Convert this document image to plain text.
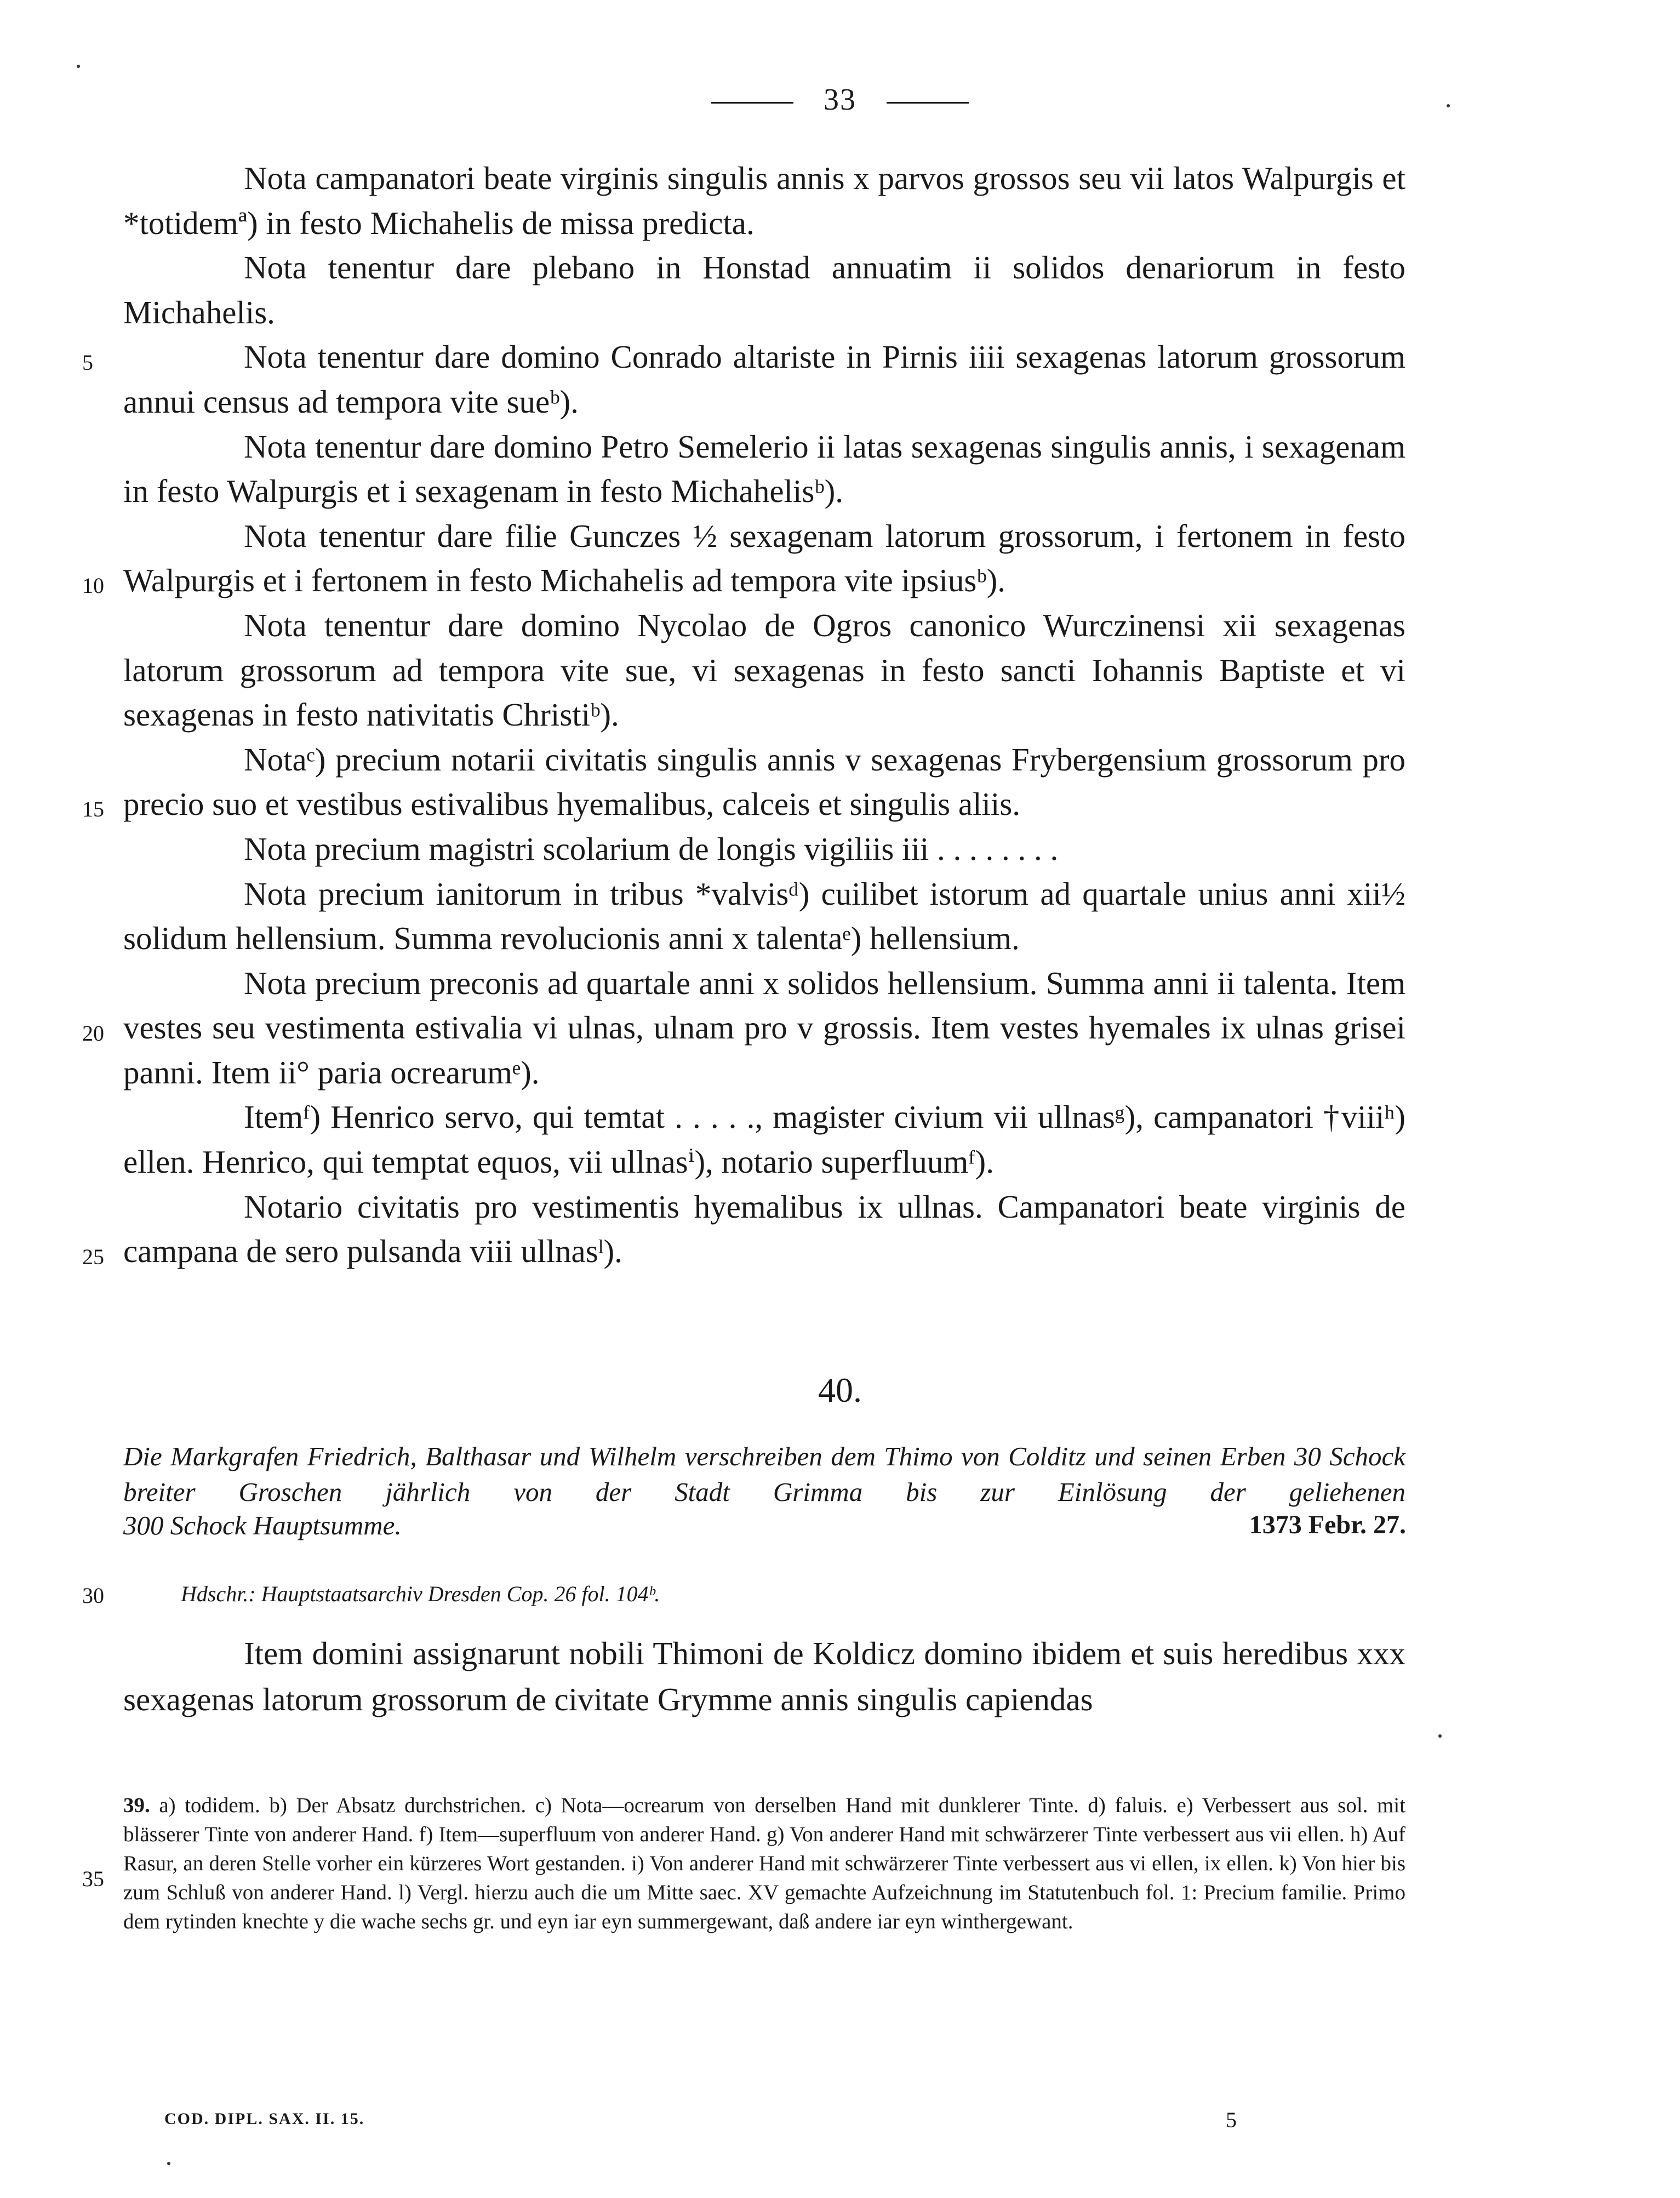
33

Nota campanatori beate virginis singulis annis x parvos grossos seu vii latos Walpurgis et *totidemª) in festo Michahelis de missa predicta.

Nota tenentur dare plebano in Honstad annuatim ii solidos denariorum in festo Michahelis.

Nota tenentur dare domino Conrado altariste in Pirnis iiii sexagenas latorum grossorum annui census ad tempora vite sueᵇ).

Nota tenentur dare domino Petro Semelerio ii latas sexagenas singulis annis, i sexagenam in festo Walpurgis et i sexagenam in festo Michahelisᵇ).

Nota tenentur dare filie Gunczes ½ sexagenam latorum grossorum, i fertonem in festo Walpurgis et i fertonem in festo Michahelis ad tempora vite ipsiusᵇ).

Nota tenentur dare domino Nycolao de Ogros canonico Wurczinensi xii sexagenas latorum grossorum ad tempora vite sue, vi sexagenas in festo sancti Iohannis Baptiste et vi sexagenas in festo nativitatis Christiᵇ).

Notaᶜ) precium notarii civitatis singulis annis v sexagenas Frybergensium grossorum pro precio suo et vestibus estivalibus hyemalibus, calceis et singulis aliis.

Nota precium magistri scolarium de longis vigiliis iii . . . . . . . .

Nota precium ianitorum in tribus *valvisᵈ) cuilibet istorum ad quartale unius anni xii½ solidum hellensium. Summa revolucionis anni x talentaᵉ) hellensium.

Nota precium preconis ad quartale anni x solidos hellensium. Summa anni ii talenta. Item vestes seu vestimenta estivalia vi ulnas, ulnam pro v grossis. Item vestes hyemales ix ulnas grisei panni. Item ii° paria ocrearumᵉ).

Itemᶠ) Henrico servo, qui temtat . . . . ., magister civium vii ullnasᵍ), campanatori †viiiʰ) ellen. Henrico, qui temptat equos, vii ullnasⁱ), notario superfluumᶠ).

Notario civitatis pro vestimentis hyemalibus ix ullnas. Campanatori beate virginis de campana de sero pulsanda viii ullnasˡ).

5
10
15
20
25
30
35
40.
Die Markgrafen Friedrich, Balthasar und Wilhelm verschreiben dem Thimo von Colditz und seinen Erben 30 Schock breiter Groschen jährlich von der Stadt Grimma bis zur Einlösung der geliehenen
300 Schock Hauptsumme.	1373 Febr. 27.
Hdschr.: Hauptstaatsarchiv Dresden Cop. 26 fol. 104ᵇ.

Item domini assignarunt nobili Thimoni de Koldicz domino ibidem et suis heredibus xxx sexagenas latorum grossorum de civitate Grymme annis singulis capiendas

39. a) todidem. b) Der Absatz durchstrichen. c) Nota—ocrearum von derselben Hand mit dunklerer Tinte. d) faluis. e) Verbessert aus sol. mit blässerer Tinte von anderer Hand. f) Item—superfluum von anderer Hand. g) Von anderer Hand mit schwärzerer Tinte verbessert aus vii ellen. h) Auf Rasur, an deren Stelle vorher ein kürzeres Wort gestanden. i) Von anderer Hand mit schwärzerer Tinte verbessert aus vi ellen, ix ellen. k) Von hier bis zum Schluß von anderer Hand. l) Vergl. hierzu auch die um Mitte saec. XV gemachte Aufzeichnung im Statutenbuch fol. 1: Precium familie. Primo dem rytinden knechte y die wache sechs gr. und eyn iar eyn summergewant, daß andere iar eyn winthergewant.

COD. DIPL. SAX. II. 15.	5
